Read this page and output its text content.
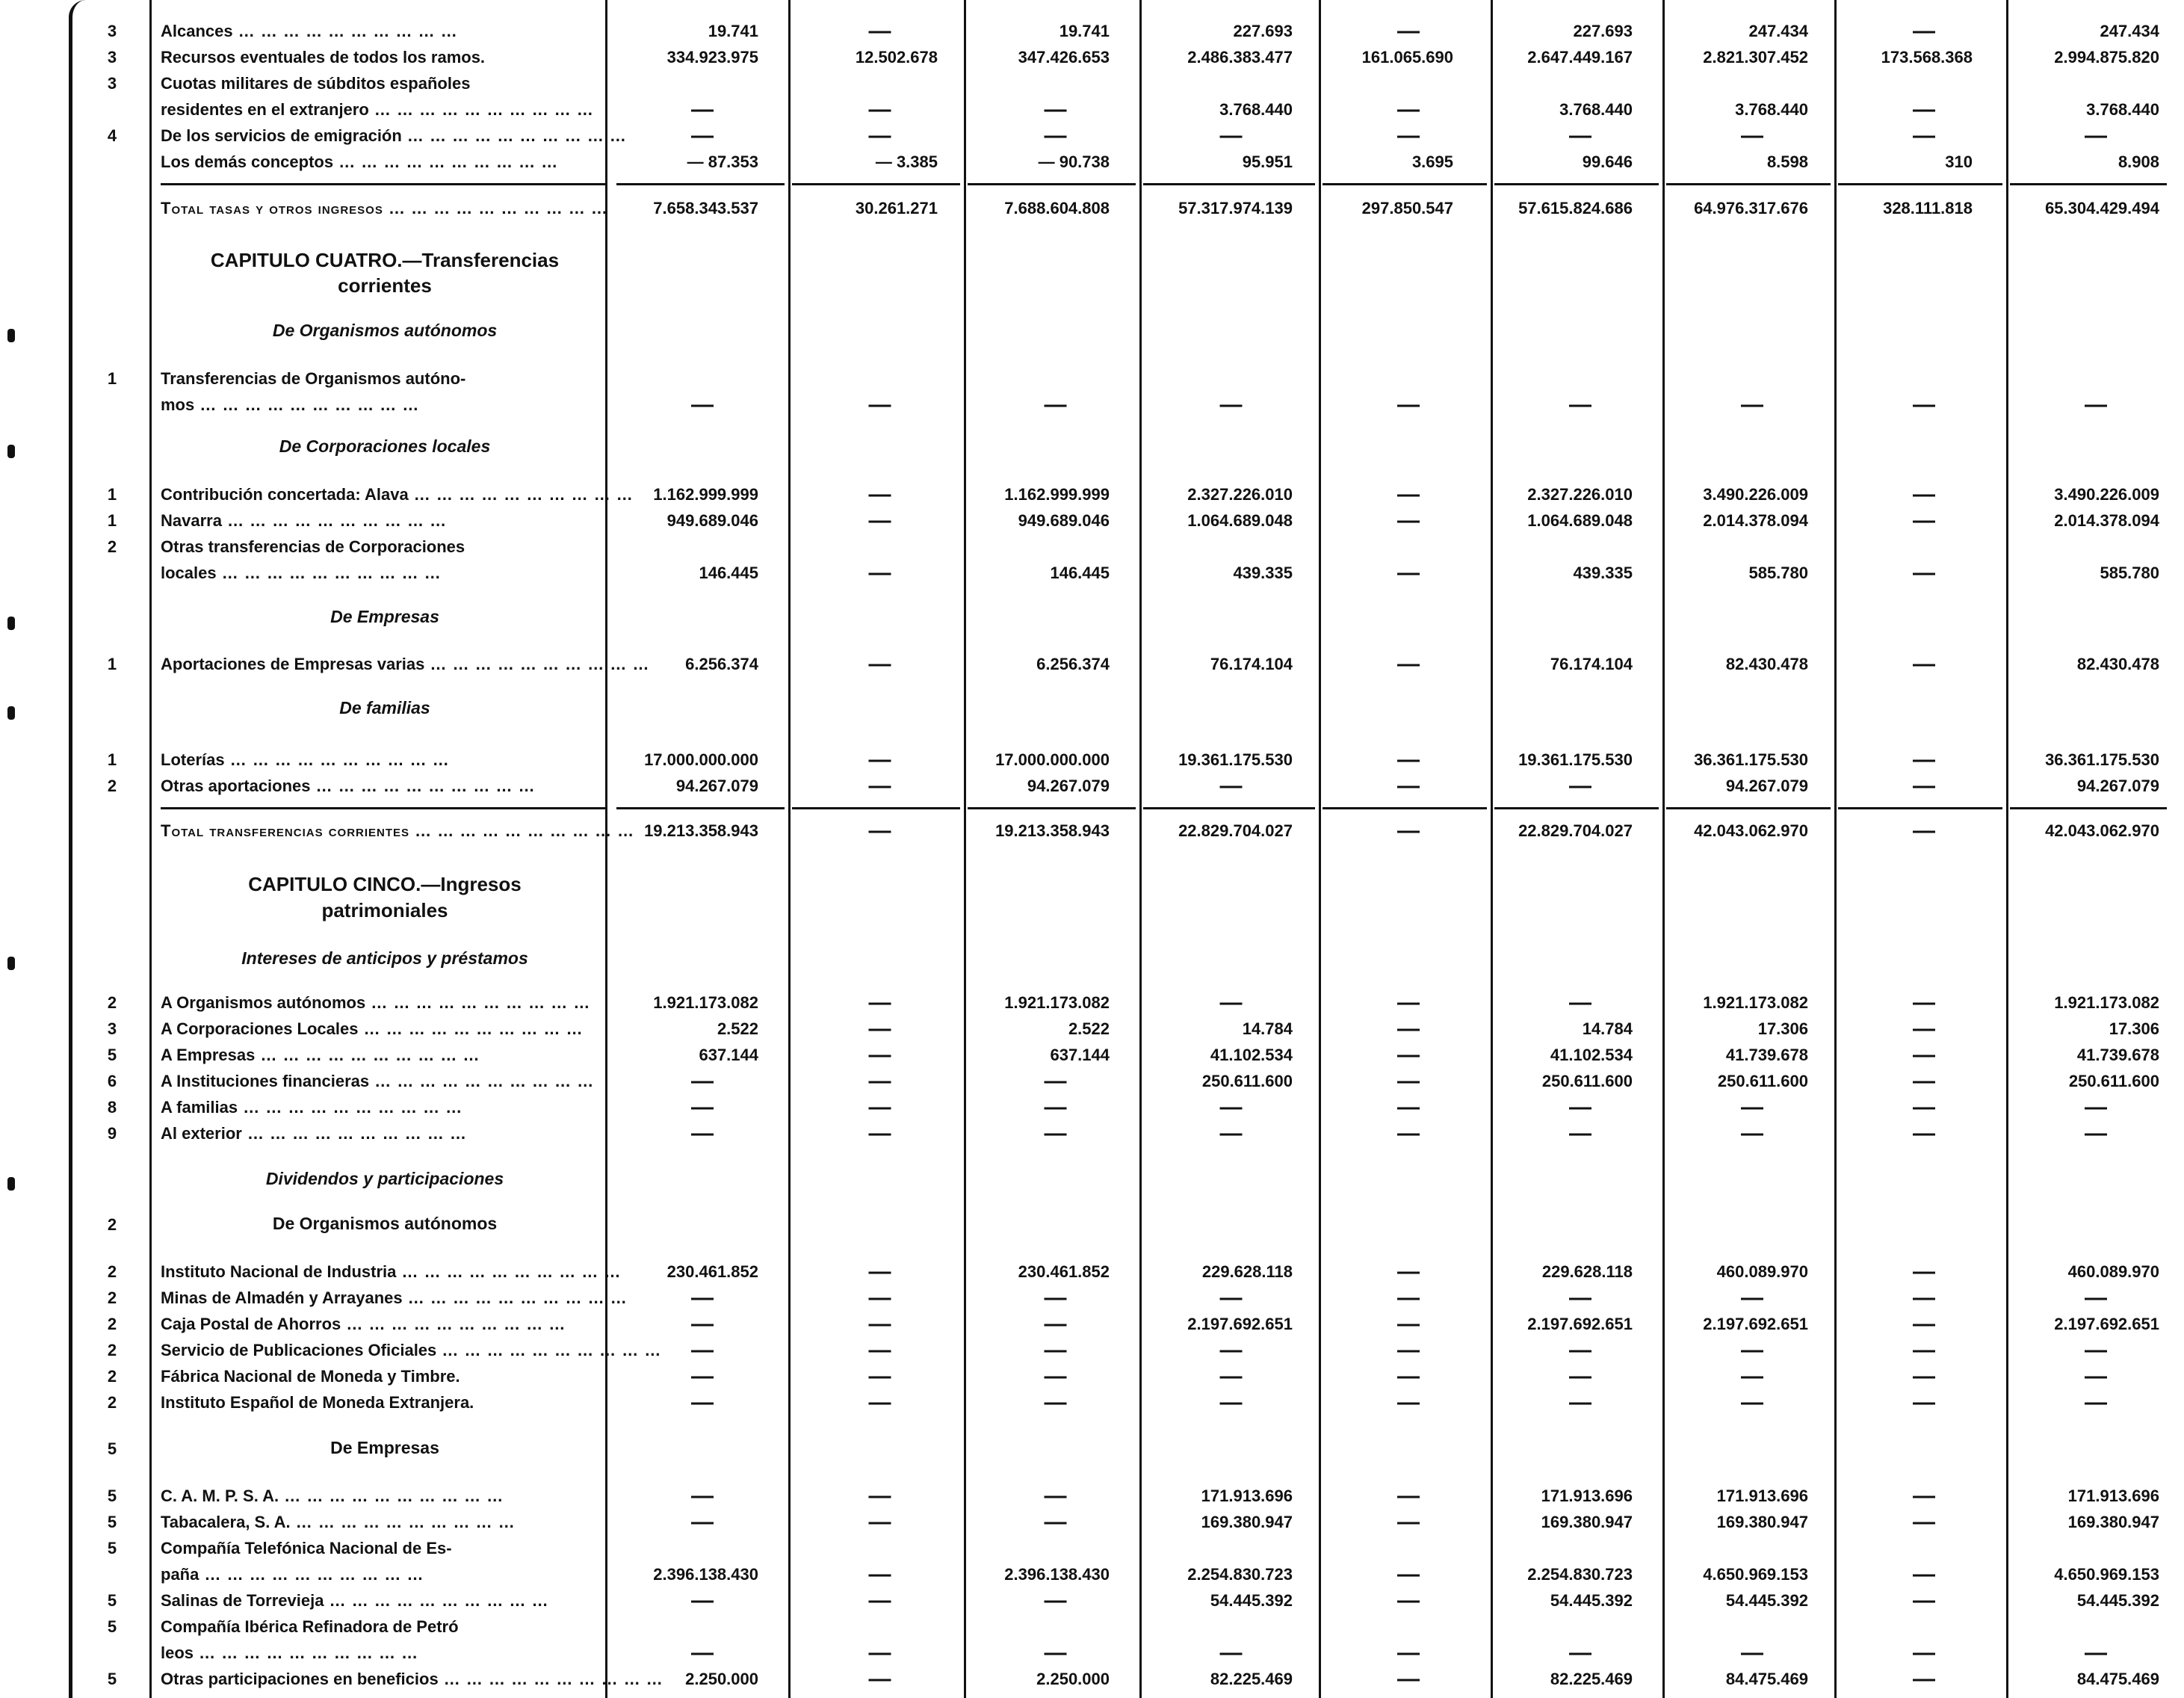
3	Alcances … … … … … … … … … …	19.741	—	19.741	227.693	—	227.693	247.434	—	247.434
3	Recursos eventuales de todos los ramos.	334.923.975	12.502.678	347.426.653	2.486.383.477	161.065.690	2.647.449.167	2.821.307.452	173.568.368	2.994.875.820
3	Cuotas militares de súbditos españoles
residentes en el extranjero … … … … … … … … … …	—	—	—	3.768.440	—	3.768.440	3.768.440	—	3.768.440
4	De los servicios de emigración … … … … … … … … … …	—	—	—	—	—	—	—	—	—
Los demás conceptos … … … … … … … … … …	— 87.353	— 3.385	— 90.738	95.951	3.695	99.646	8.598	310	8.908
Total tasas y otros ingresos … … … … … … … … … …	7.658.343.537	30.261.271	7.688.604.808	57.317.974.139	297.850.547	57.615.824.686	64.976.317.676	328.111.818	65.304.429.494
CAPITULO CUATRO.—Transferencias
corrientes
De Organismos autónomos
1	Transferencias de Organismos autóno-
mos … … … … … … … … … …	—	—	—	—	—	—	—	—	—
De Corporaciones locales
1	Contribución concertada: Alava … … … … … … … … … …	1.162.999.999	—	1.162.999.999	2.327.226.010	—	2.327.226.010	3.490.226.009	—	3.490.226.009
1	Navarra … … … … … … … … … …	949.689.046	—	949.689.046	1.064.689.048	—	1.064.689.048	2.014.378.094	—	2.014.378.094
2	Otras transferencias de Corporaciones
locales … … … … … … … … … …	146.445	—	146.445	439.335	—	439.335	585.780	—	585.780
De Empresas
1	Aportaciones de Empresas varias … … … … … … … … … …	6.256.374	—	6.256.374	76.174.104	—	76.174.104	82.430.478	—	82.430.478
De familias
1	Loterías … … … … … … … … … …	17.000.000.000	—	17.000.000.000	19.361.175.530	—	19.361.175.530	36.361.175.530	—	36.361.175.530
2	Otras aportaciones … … … … … … … … … …	94.267.079	—	94.267.079	—	—	—	94.267.079	—	94.267.079
Total transferencias corrientes … … … … … … … … … …	19.213.358.943	—	19.213.358.943	22.829.704.027	—	22.829.704.027	42.043.062.970	—	42.043.062.970
CAPITULO CINCO.—Ingresos
patrimoniales
Intereses de anticipos y préstamos
2	A Organismos autónomos … … … … … … … … … …	1.921.173.082	—	1.921.173.082	—	—	—	1.921.173.082	—	1.921.173.082
3	A Corporaciones Locales … … … … … … … … … …	2.522	—	2.522	14.784	—	14.784	17.306	—	17.306
5	A Empresas … … … … … … … … … …	637.144	—	637.144	41.102.534	—	41.102.534	41.739.678	—	41.739.678
6	A Instituciones financieras … … … … … … … … … …	—	—	—	250.611.600	—	250.611.600	250.611.600	—	250.611.600
8	A familias … … … … … … … … … …	—	—	—	—	—	—	—	—	—
9	Al exterior … … … … … … … … … …	—	—	—	—	—	—	—	—	—
Dividendos y participaciones
2	De Organismos autónomos
2	Instituto Nacional de Industria … … … … … … … … … …	230.461.852	—	230.461.852	229.628.118	—	229.628.118	460.089.970	—	460.089.970
2	Minas de Almadén y Arrayanes … … … … … … … … … …	—	—	—	—	—	—	—	—	—
2	Caja Postal de Ahorros … … … … … … … … … …	—	—	—	2.197.692.651	—	2.197.692.651	2.197.692.651	—	2.197.692.651
2	Servicio de Publicaciones Oficiales … … … … … … … … … …	—	—	—	—	—	—	—	—	—
2	Fábrica Nacional de Moneda y Timbre.	—	—	—	—	—	—	—	—	—
2	Instituto Español de Moneda Extranjera.	—	—	—	—	—	—	—	—	—
5	De Empresas
5	C. A. M. P. S. A. … … … … … … … … … …	—	—	—	171.913.696	—	171.913.696	171.913.696	—	171.913.696
5	Tabacalera, S. A. … … … … … … … … … …	—	—	—	169.380.947	—	169.380.947	169.380.947	—	169.380.947
5	Compañía Telefónica Nacional de Es-
paña … … … … … … … … … …	2.396.138.430	—	2.396.138.430	2.254.830.723	—	2.254.830.723	4.650.969.153	—	4.650.969.153
5	Salinas de Torrevieja … … … … … … … … … …	—	—	—	54.445.392	—	54.445.392	54.445.392	—	54.445.392
5	Compañía Ibérica Refinadora de Petró
leos … … … … … … … … … …	—	—	—	—	—	—	—	—	—
5	Otras participaciones en beneficios … … … … … … … … … …	2.250.000	—	2.250.000	82.225.469	—	82.225.469	84.475.469	—	84.475.469
